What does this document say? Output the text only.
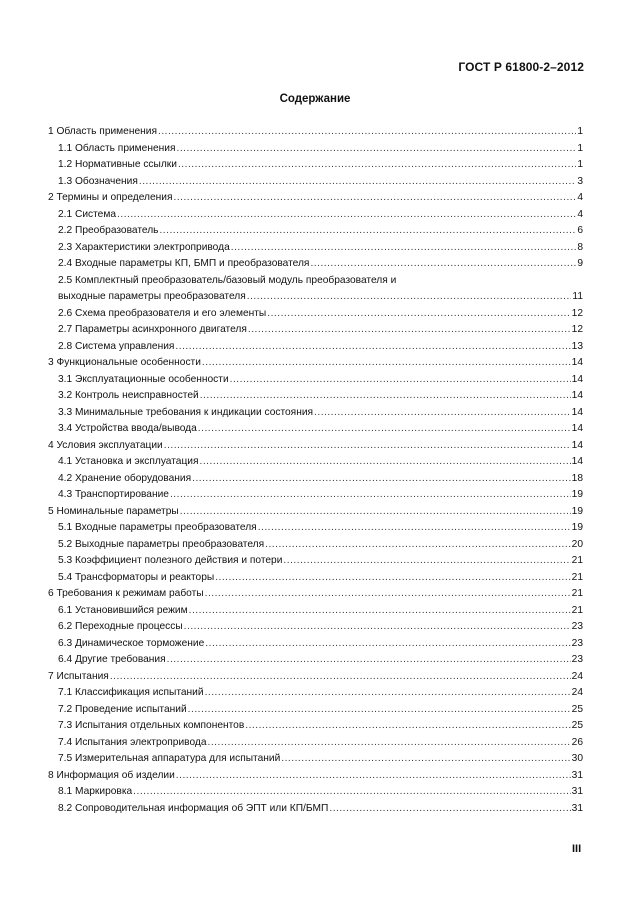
ГОСТ Р 61800-2–2012
Содержание
1 Область применения .....	1
1.1 Область применения .....	1
1.2 Нормативные ссылки .....	1
1.3 Обозначения .....	3
2 Термины и определения .....	4
2.1 Система .....	4
2.2 Преобразователь .....	6
2.3 Характеристики электропривода .....	8
2.4 Входные параметры КП, БМП и преобразователя .....	9
2.5 Комплектный преобразователь/базовый модуль преобразователя и
выходные параметры преобразователя .....	11
2.6 Схема преобразователя и его элементы .....	12
2.7 Параметры асинхронного двигателя .....	12
2.8 Система управления .....	13
3 Функциональные особенности .....	14
3.1 Эксплуатационные особенности .....	14
3.2 Контроль неисправностей .....	14
3.3 Минимальные требования к индикации состояния .....	14
3.4 Устройства ввода/вывода .....	14
4 Условия эксплуатации .....	14
4.1 Установка и эксплуатация .....	14
4.2 Хранение оборудования .....	18
4.3 Транспортирование .....	19
5 Номинальные параметры .....	19
5.1 Входные параметры преобразователя .....	19
5.2 Выходные параметры преобразователя .....	20
5.3 Коэффициент полезного действия и потери .....	21
5.4 Трансформаторы и реакторы .....	21
6 Требования к режимам работы .....	21
6.1 Установившийся режим .....	21
6.2 Переходные процессы .....	23
6.3 Динамическое торможение .....	23
6.4 Другие требования .....	23
7 Испытания .....	24
7.1 Классификация испытаний .....	24
7.2 Проведение испытаний .....	25
7.3 Испытания отдельных компонентов .....	25
7.4 Испытания электропривода .....	26
7.5 Измерительная аппаратура для испытаний .....	30
8 Информация об изделии .....	31
8.1 Маркировка .....	31
8.2 Сопроводительная информация об ЭПТ или КП/БМП .....	31
III
